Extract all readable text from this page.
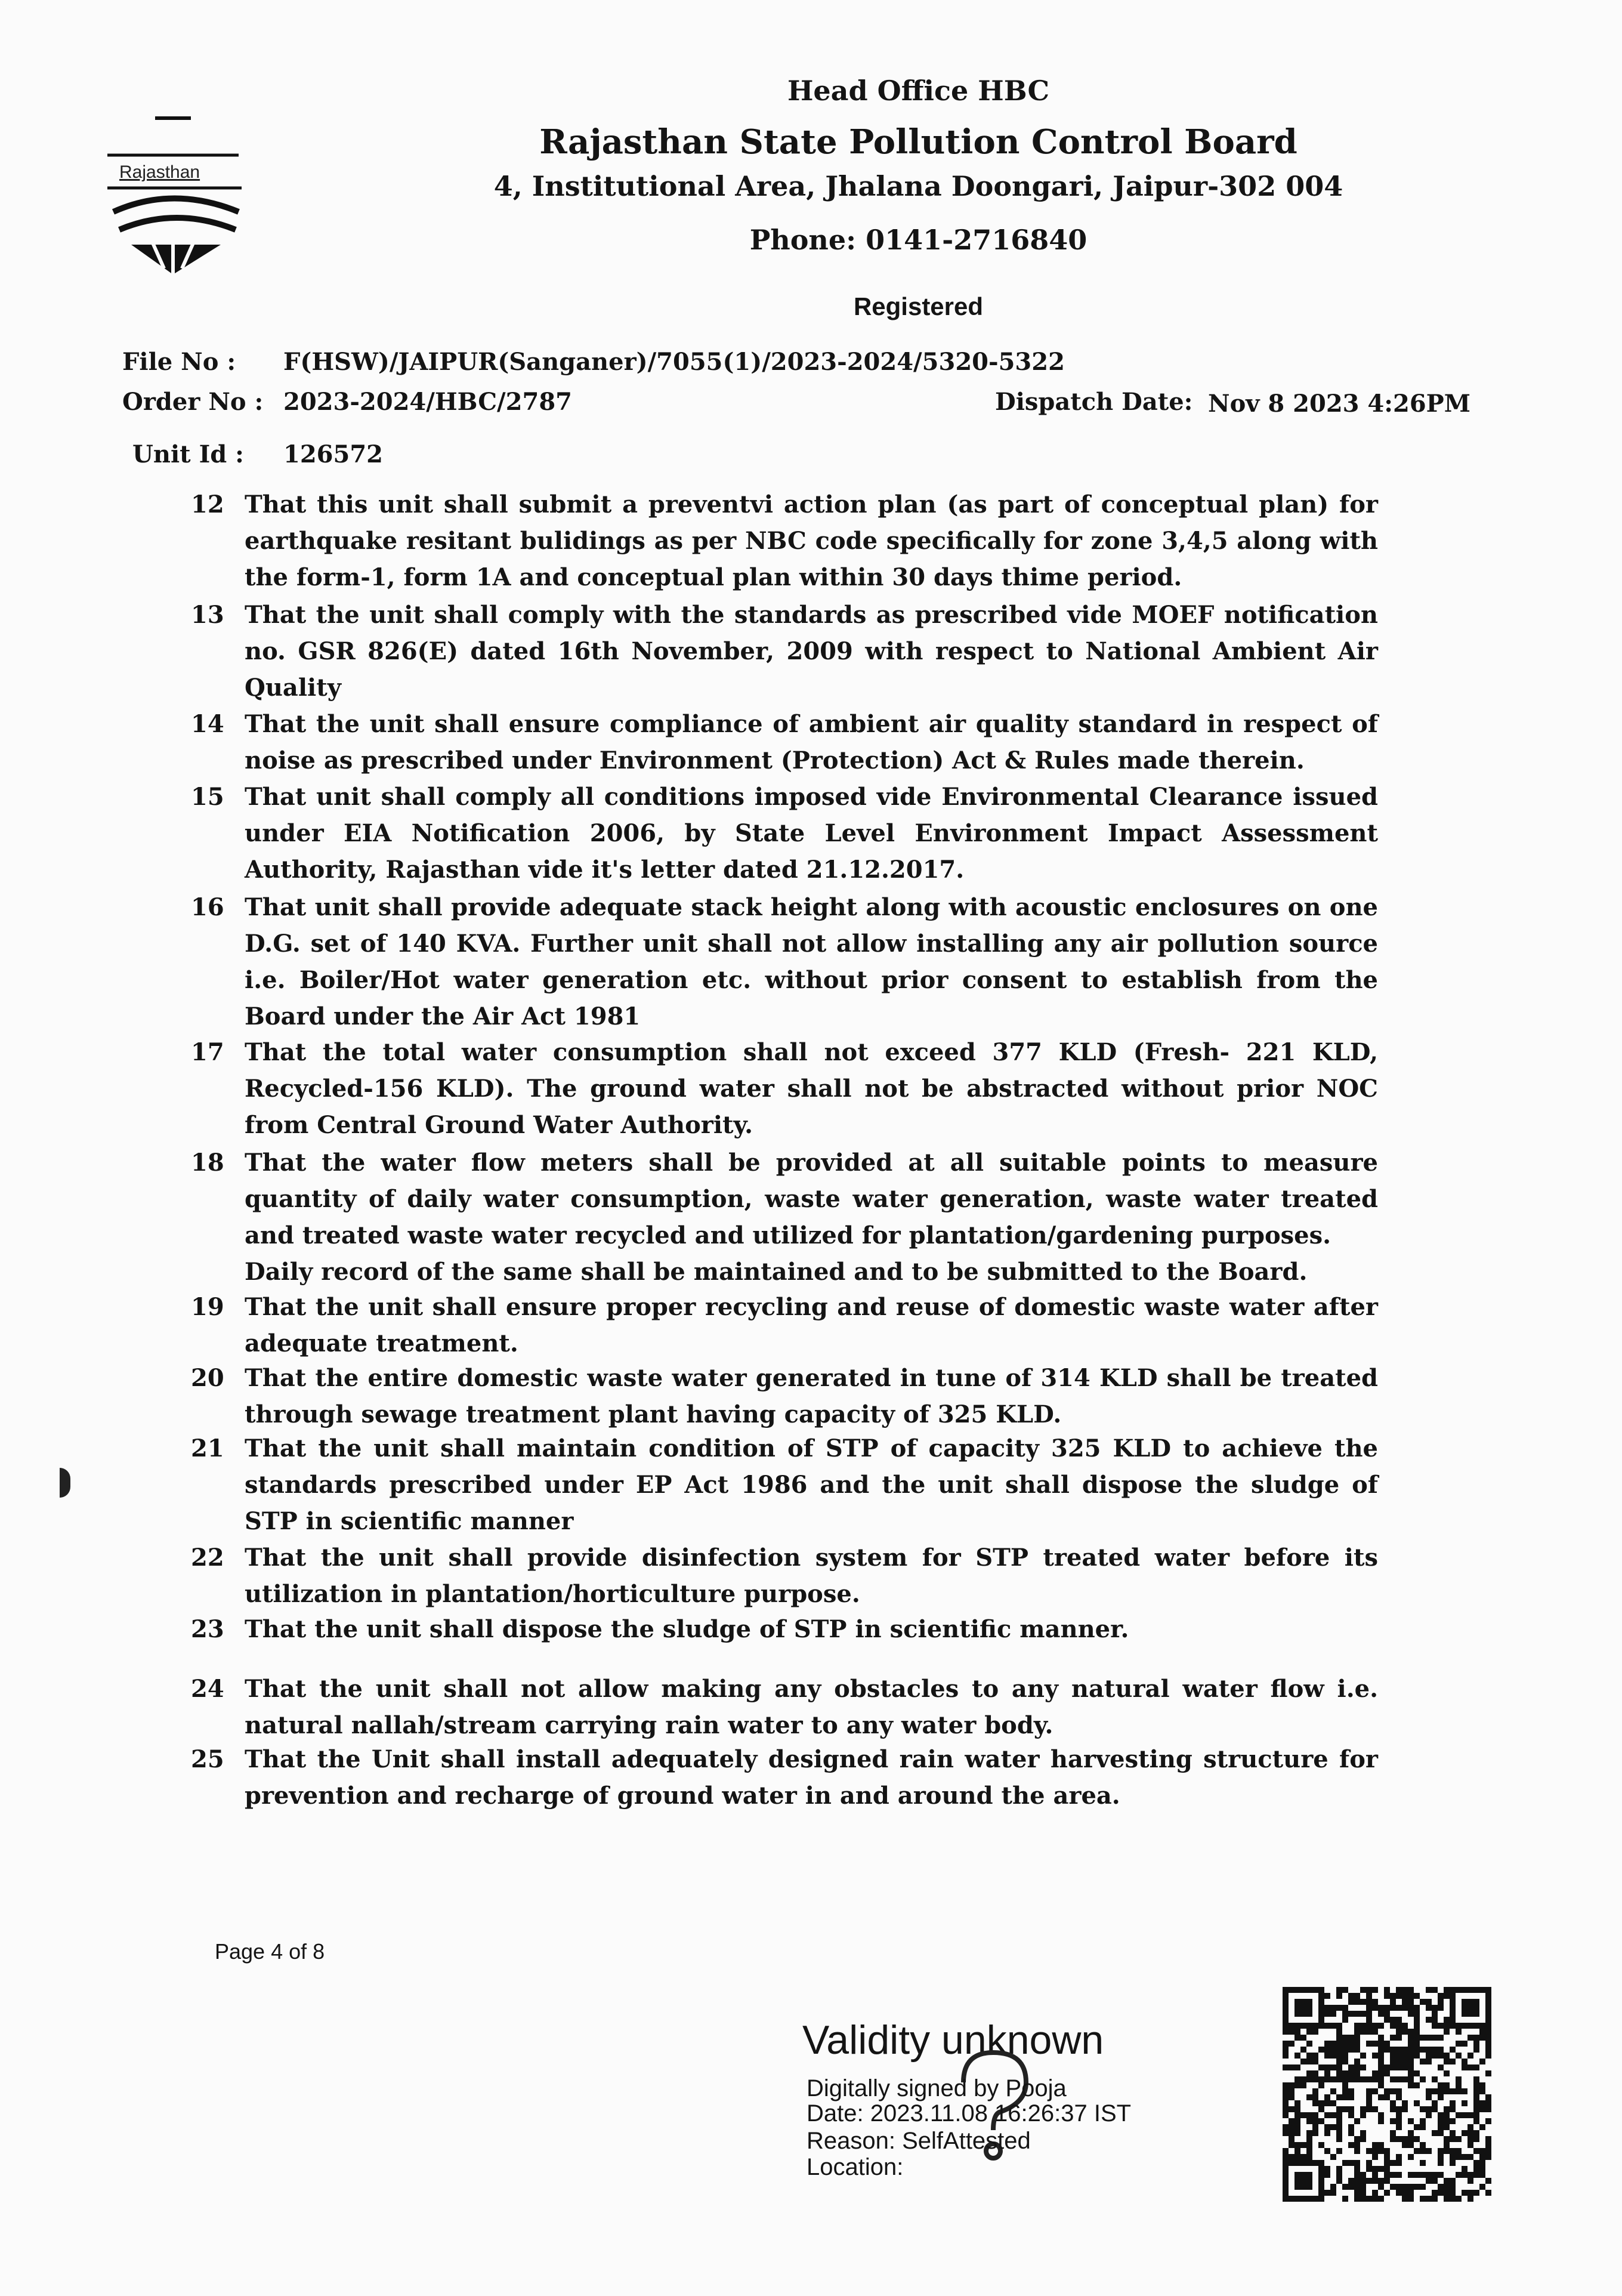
Rajasthan
Head Office HBC
Rajasthan State Pollution Control Board
4, Institutional Area, Jhalana Doongari, Jaipur-302 004
Phone: 0141-2716840
Registered
File No : F(HSW)/JAIPUR(Sanganer)/7055(1)/2023-2024/5320-5322
Order No : 2023-2024/HBC/2787	Dispatch Date: Nov 8 2023 4:26PM
Unit Id : 126572
12 That this unit shall submit a preventvi action plan (as part of conceptual plan) for earthquake resitant bulidings as per NBC code specifically for zone 3,4,5 along with the form-1, form 1A and conceptual plan within 30 days thime period.
13 That the unit shall comply with the standards as prescribed vide MOEF notification no. GSR 826(E) dated 16th November, 2009 with respect to National Ambient Air Quality
14 That the unit shall ensure compliance of ambient air quality standard in respect of noise as prescribed under Environment (Protection) Act & Rules made therein.
15 That unit shall comply all conditions imposed vide Environmental Clearance issued under EIA Notification 2006, by State Level Environment Impact Assessment Authority, Rajasthan vide it's letter dated 21.12.2017.
16 That unit shall provide adequate stack height along with acoustic enclosures on one D.G. set of 140 KVA. Further unit shall not allow installing any air pollution source i.e. Boiler/Hot water generation etc. without prior consent to establish from the Board under the Air Act 1981
17 That the total water consumption shall not exceed 377 KLD (Fresh- 221 KLD, Recycled-156 KLD). The ground water shall not be abstracted without prior NOC from Central Ground Water Authority.
18 That the water flow meters shall be provided at all suitable points to measure quantity of daily water consumption, waste water generation, waste water treated and treated waste water recycled and utilized for plantation/gardening purposes.
Daily record of the same shall be maintained and to be submitted to the Board.
19 That the unit shall ensure proper recycling and reuse of domestic waste water after adequate treatment.
20 That the entire domestic waste water generated in tune of 314 KLD shall be treated through sewage treatment plant having capacity of 325 KLD.
21 That the unit shall maintain condition of STP of capacity 325 KLD to achieve the standards prescribed under EP Act 1986 and the unit shall dispose the sludge of STP in scientific manner
22 That the unit shall provide disinfection system for STP treated water before its utilization in plantation/horticulture purpose.
23 That the unit shall dispose the sludge of STP in scientific manner.
24 That the unit shall not allow making any obstacles to any natural water flow i.e. natural nallah/stream carrying rain water to any water body.
25 That the Unit shall install adequately designed rain water harvesting structure for prevention and recharge of ground water in and around the area.
Page 4 of 8
Validity unknown
Digitally signed by Pooja
Date: 2023.11.08 16:26:37 IST
Reason: SelfAttested
Location:
